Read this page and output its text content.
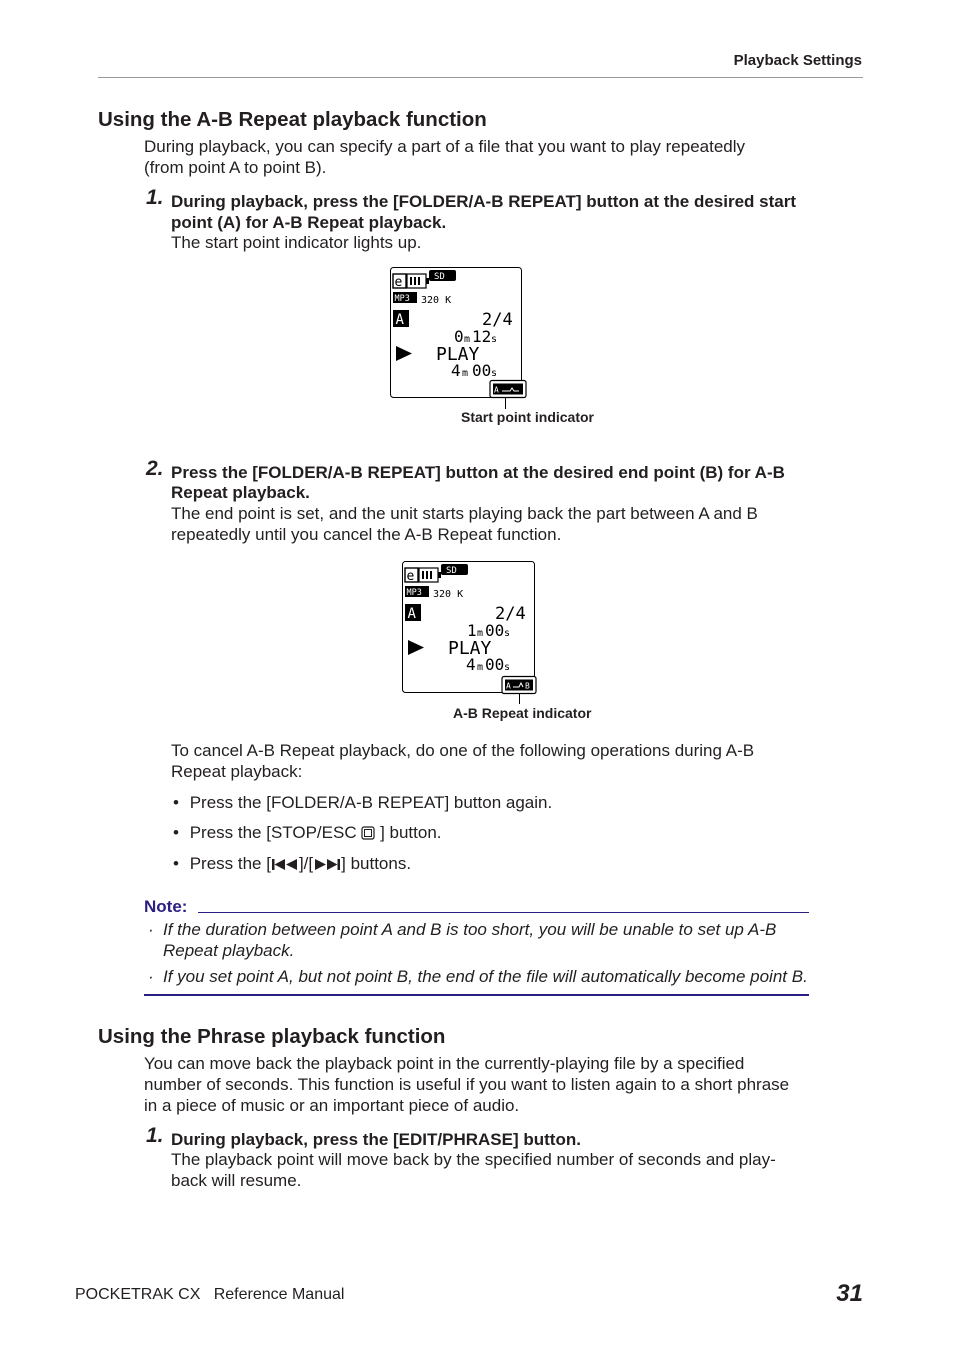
Playback Settings
Using the A-B Repeat playback function
During playback, you can specify a part of a file that you want to play repeatedly
(from point A to point B).
1. During playback, press the [FOLDER/A-B REPEAT] button at the desired start
point (A) for A-B Repeat playback.
The start point indicator lights up.
e	SD
MP3 320 K
A	2/4
0 m 12 s
PLAY
4 m 00 s
A
Start point indicator
2. Press the [FOLDER/A-B REPEAT] button at the desired end point (B) for A-B
Repeat playback.
The end point is set, and the unit starts playing back the part between A and B
repeatedly until you cancel the A-B Repeat function.
e	SD
MP3 320 K
A	2/4
1 m 00 s
PLAY
4 m 00 s
A B
A-B Repeat indicator
To cancel A-B Repeat playback, do one of the following operations during A-B
Repeat playback:
• Press the [FOLDER/A-B REPEAT] button again.
• Press the [STOP/ESC  ] button.
• Press the [ ]/[ ] buttons.
Note:
· If the duration between point A and B is too short, you will be unable to set up A-B
Repeat playback.
· If you set point A, but not point B, the end of the file will automatically become point B.
Using the Phrase playback function
You can move back the playback point in the currently-playing file by a specified
number of seconds. This function is useful if you want to listen again to a short phrase
in a piece of music or an important piece of audio.
1. During playback, press the [EDIT/PHRASE] button.
The playback point will move back by the specified number of seconds and play-
back will resume.
POCKETRAK CX   Reference Manual	31
